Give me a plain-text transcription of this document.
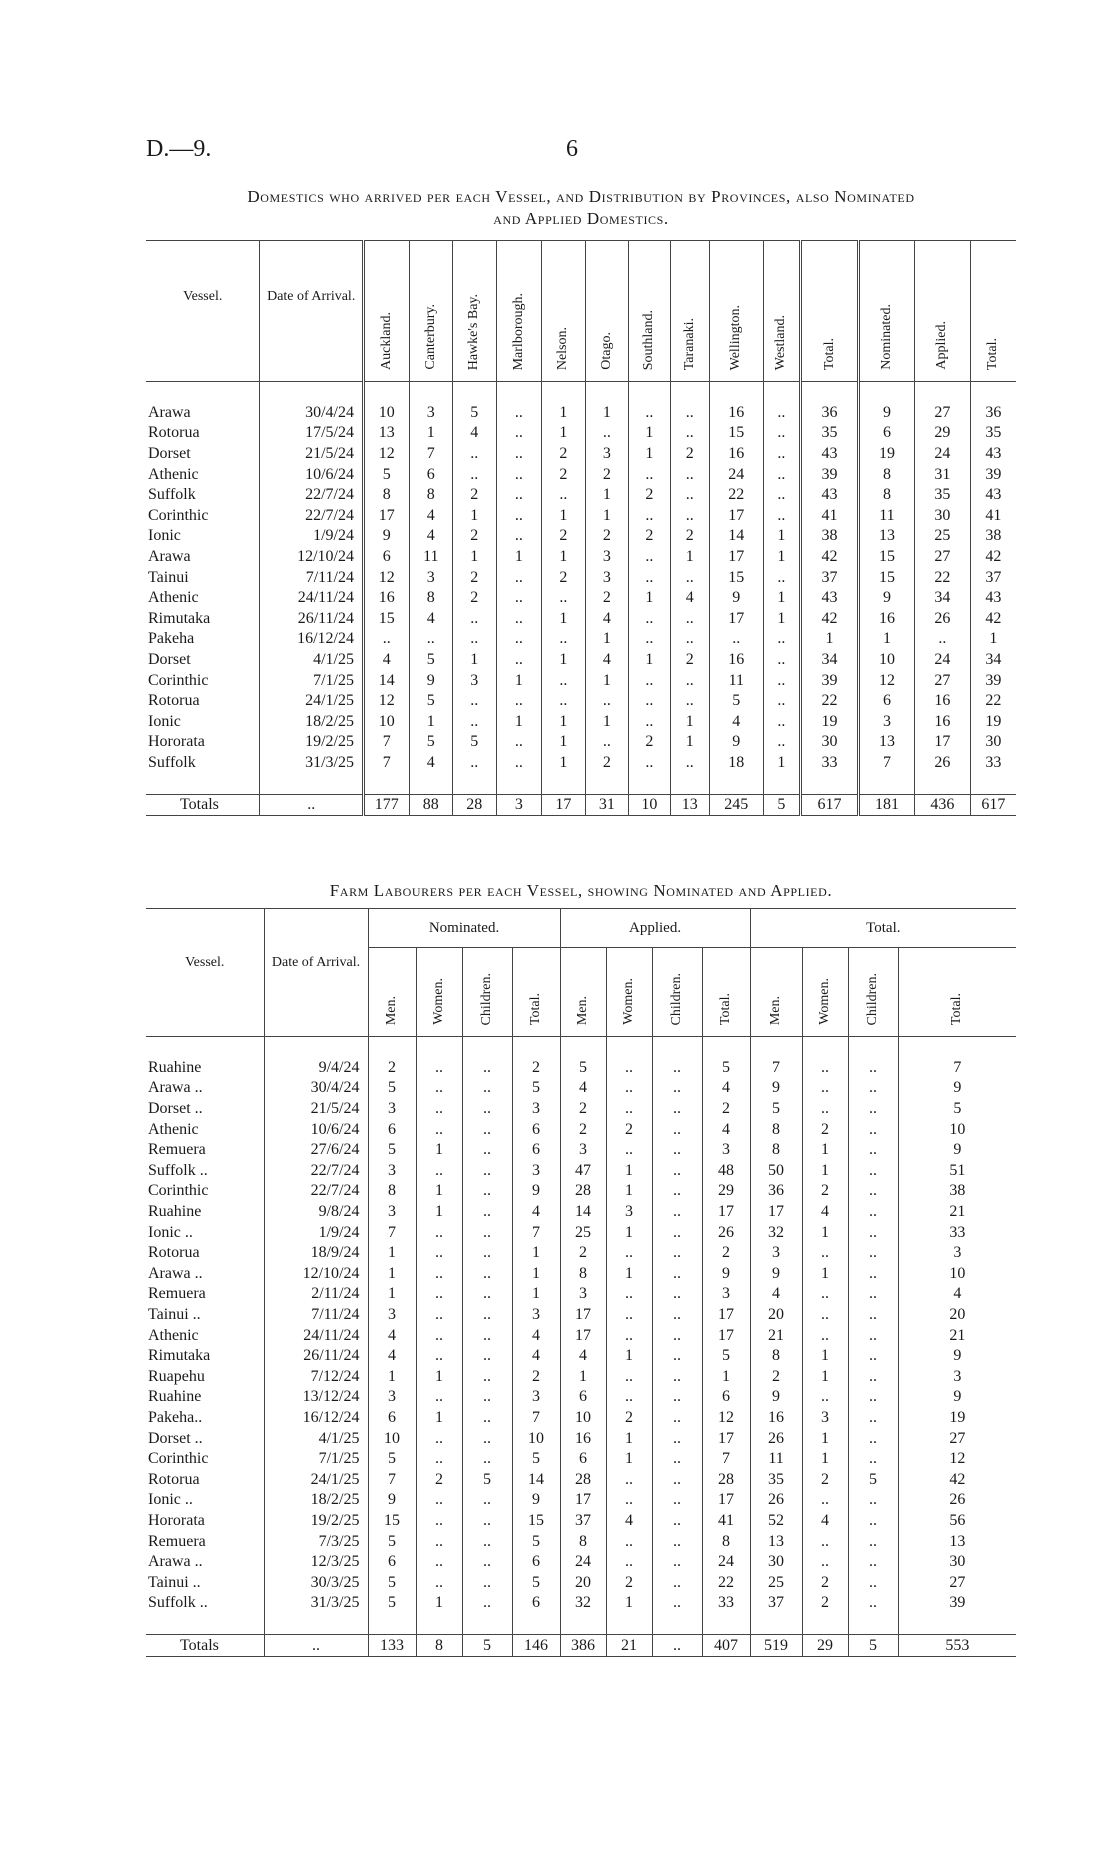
D.—9.	6
Domestics who arrived per each Vessel, and Distribution by Provinces, also Nominated
and Applied Domestics.
Vessel.	Date of Arrival.	Auckland.	Canterbury.	Hawke's Bay.	Marlborough.	Nelson.	Otago.	Southland.	Taranaki.	Wellington.	Westland.	Total.	Nominated.	Applied.	Total.

Arawa	30/4/24	10	3	5	..	1	1	..	..	16	..	36	9	27	36
Rotorua	17/5/24	13	1	4	..	1	..	1	..	15	..	35	6	29	35
Dorset	21/5/24	12	7	..	..	2	3	1	2	16	..	43	19	24	43
Athenic	10/6/24	5	6	..	..	2	2	..	..	24	..	39	8	31	39
Suffolk	22/7/24	8	8	2	..	..	1	2	..	22	..	43	8	35	43
Corinthic	22/7/24	17	4	1	..	1	1	..	..	17	..	41	11	30	41
Ionic	1/9/24	9	4	2	..	2	2	2	2	14	1	38	13	25	38
Arawa	12/10/24	6	11	1	1	1	3	..	1	17	1	42	15	27	42
Tainui	7/11/24	12	3	2	..	2	3	..	..	15	..	37	15	22	37
Athenic	24/11/24	16	8	2	..	..	2	1	4	9	1	43	9	34	43
Rimutaka	26/11/24	15	4	..	..	1	4	..	..	17	1	42	16	26	42
Pakeha	16/12/24	..	..	..	..	..	1	..	..	..	..	1	1	..	1
Dorset	4/1/25	4	5	1	..	1	4	1	2	16	..	34	10	24	34
Corinthic	7/1/25	14	9	3	1	..	1	..	..	11	..	39	12	27	39
Rotorua	24/1/25	12	5	..	..	..	..	..	..	5	..	22	6	16	22
Ionic	18/2/25	10	1	..	1	1	1	..	1	4	..	19	3	16	19
Hororata	19/2/25	7	5	5	..	1	..	2	1	9	..	30	13	17	30
Suffolk	31/3/25	7	4	..	..	1	2	..	..	18	1	33	7	26	33

Totals	..	177	88	28	3	17	31	10	13	245	5	617	181	436	617
Farm Labourers per each Vessel, showing Nominated and Applied.
Vessel.	Date of Arrival.	Nominated.				Applied.				Total.			
		Men.	Women.	Children.	Total.	Men.	Women.	Children.	Total.	Men.	Women.	Children.	Total.

Ruahine	9/4/24	2	..	..	2	5	..	..	5	7	..	..	7
Arawa ..	30/4/24	5	..	..	5	4	..	..	4	9	..	..	9
Dorset ..	21/5/24	3	..	..	3	2	..	..	2	5	..	..	5
Athenic	10/6/24	6	..	..	6	2	2	..	4	8	2	..	10
Remuera	27/6/24	5	1	..	6	3	..	..	3	8	1	..	9
Suffolk ..	22/7/24	3	..	..	3	47	1	..	48	50	1	..	51
Corinthic	22/7/24	8	1	..	9	28	1	..	29	36	2	..	38
Ruahine	9/8/24	3	1	..	4	14	3	..	17	17	4	..	21
Ionic ..	1/9/24	7	..	..	7	25	1	..	26	32	1	..	33
Rotorua	18/9/24	1	..	..	1	2	..	..	2	3	..	..	3
Arawa ..	12/10/24	1	..	..	1	8	1	..	9	9	1	..	10
Remuera	2/11/24	1	..	..	1	3	..	..	3	4	..	..	4
Tainui ..	7/11/24	3	..	..	3	17	..	..	17	20	..	..	20
Athenic	24/11/24	4	..	..	4	17	..	..	17	21	..	..	21
Rimutaka	26/11/24	4	..	..	4	4	1	..	5	8	1	..	9
Ruapehu	7/12/24	1	1	..	2	1	..	..	1	2	1	..	3
Ruahine	13/12/24	3	..	..	3	6	..	..	6	9	..	..	9
Pakeha..	16/12/24	6	1	..	7	10	2	..	12	16	3	..	19
Dorset ..	4/1/25	10	..	..	10	16	1	..	17	26	1	..	27
Corinthic	7/1/25	5	..	..	5	6	1	..	7	11	1	..	12
Rotorua	24/1/25	7	2	5	14	28	..	..	28	35	2	5	42
Ionic ..	18/2/25	9	..	..	9	17	..	..	17	26	..	..	26
Hororata	19/2/25	15	..	..	15	37	4	..	41	52	4	..	56
Remuera	7/3/25	5	..	..	5	8	..	..	8	13	..	..	13
Arawa ..	12/3/25	6	..	..	6	24	..	..	24	30	..	..	30
Tainui ..	30/3/25	5	..	..	5	20	2	..	22	25	2	..	27
Suffolk ..	31/3/25	5	1	..	6	32	1	..	33	37	2	..	39

Totals	..	133	8	5	146	386	21	..	407	519	29	5	553
